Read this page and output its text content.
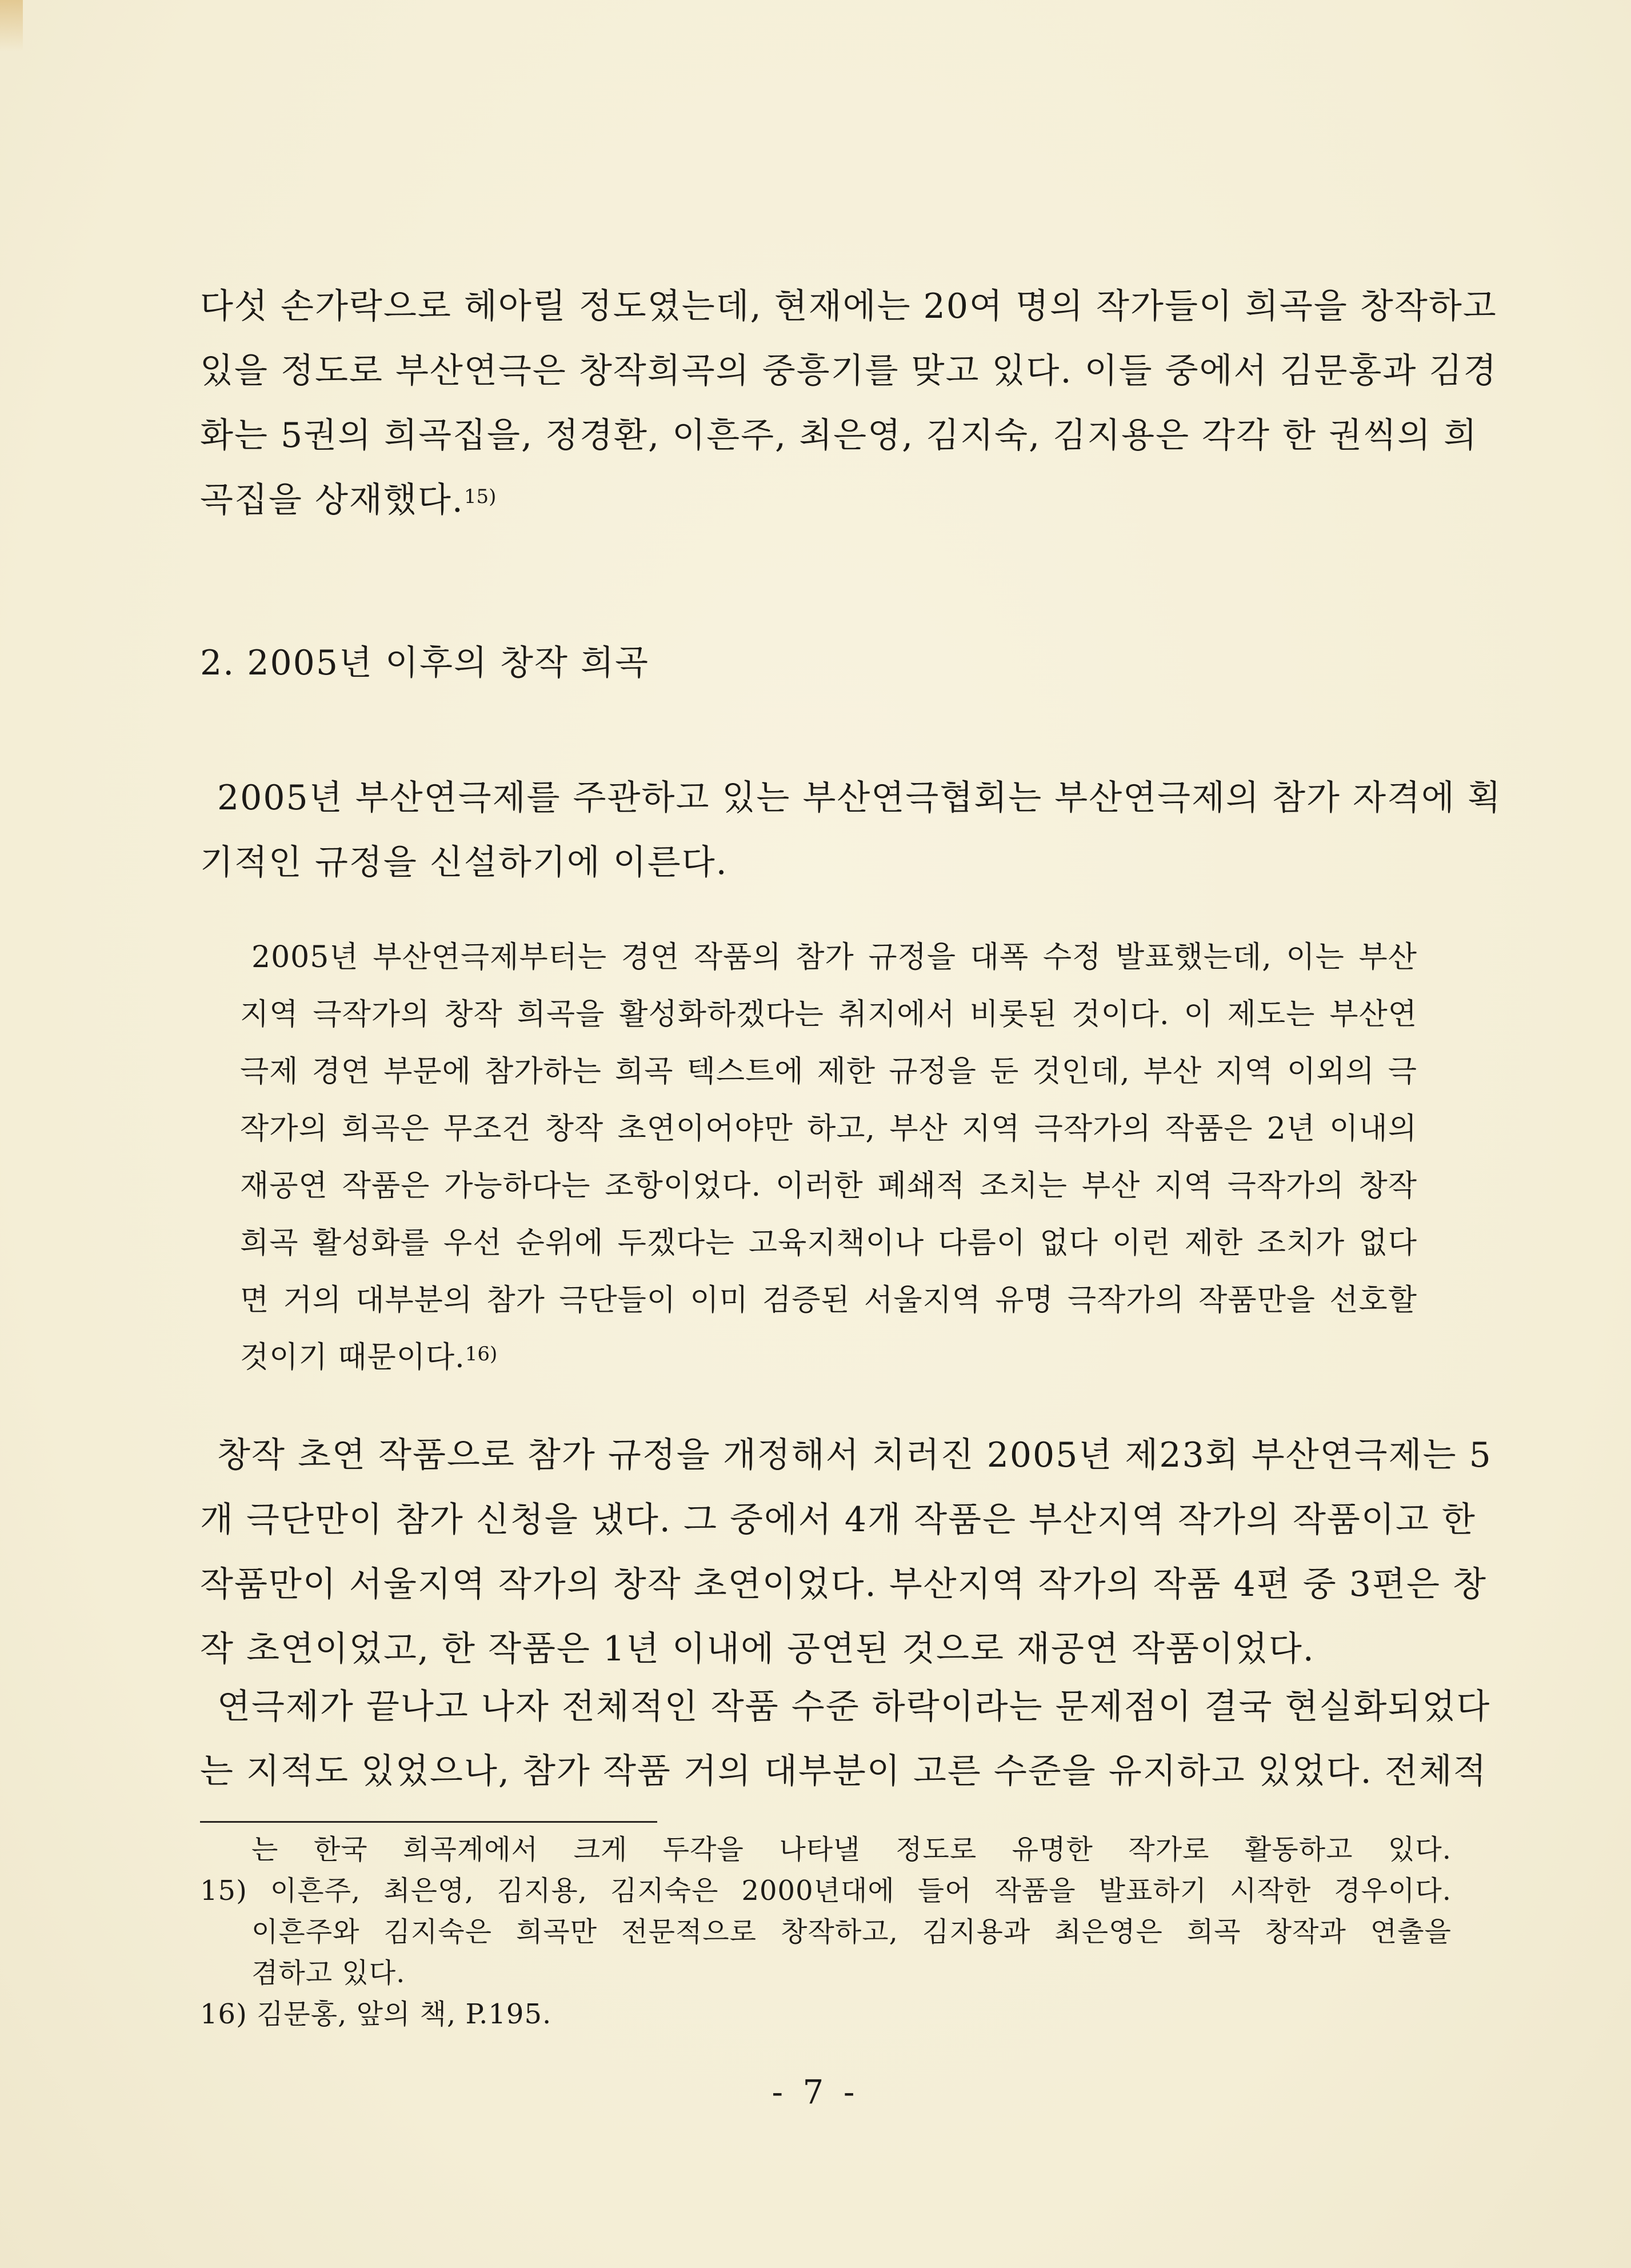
다섯 손가락으로 헤아릴 정도였는데, 현재에는 20여 명의 작가들이 희곡을 창작하고

있을 정도로 부산연극은 창작희곡의 중흥기를 맞고 있다. 이들 중에서 김문홍과 김경

화는 5권의 희곡집을, 정경환, 이흔주, 최은영, 김지숙, 김지용은 각각 한 권씩의 희

곡집을 상재했다.$^{15)}$

2. 2005년 이후의 창작 희곡

2005년 부산연극제를 주관하고 있는 부산연극협회는 부산연극제의 참가 자격에 획

기적인 규정을 신설하기에 이른다.

2005년 부산연극제부터는 경연 작품의 참가 규정을 대폭 수정 발표했는데, 이는 부산

지역 극작가의 창작 희곡을 활성화하겠다는 취지에서 비롯된 것이다. 이 제도는 부산연

극제 경연 부문에 참가하는 희곡 텍스트에 제한 규정을 둔 것인데, 부산 지역 이외의 극

작가의 희곡은 무조건 창작 초연이어야만 하고, 부산 지역 극작가의 작품은 2년 이내의

재공연 작품은 가능하다는 조항이었다. 이러한 폐쇄적 조치는 부산 지역 극작가의 창작

희곡 활성화를 우선 순위에 두겠다는 고육지책이나 다름이 없다 이런 제한 조치가 없다

면 거의 대부분의 참가 극단들이 이미 검증된 서울지역 유명 극작가의 작품만을 선호할

것이기 때문이다.$^{16)}$

창작 초연 작품으로 참가 규정을 개정해서 치러진 2005년 제23회 부산연극제는 5

개 극단만이 참가 신청을 냈다. 그 중에서 4개 작품은 부산지역 작가의 작품이고 한

작품만이 서울지역 작가의 창작 초연이었다. 부산지역 작가의 작품 4편 중 3편은 창

작 초연이었고, 한 작품은 1년 이내에 공연된 것으로 재공연 작품이었다.

연극제가 끝나고 나자 전체적인 작품 수준 하락이라는 문제점이 결국 현실화되었다

는 지적도 있었으나, 참가 작품 거의 대부분이 고른 수준을 유지하고 있었다. 전체적

는 한국 희곡계에서 크게 두각을 나타낼 정도로 유명한 작가로 활동하고 있다.

15) 이흔주, 최은영, 김지용, 김지숙은 2000년대에 들어 작품을 발표하기 시작한 경우이다.

이흔주와 김지숙은 희곡만 전문적으로 창작하고, 김지용과 최은영은 희곡 창작과 연출을

겸하고 있다.

16) 김문홍, 앞의 책, P.195.

- 7 -
